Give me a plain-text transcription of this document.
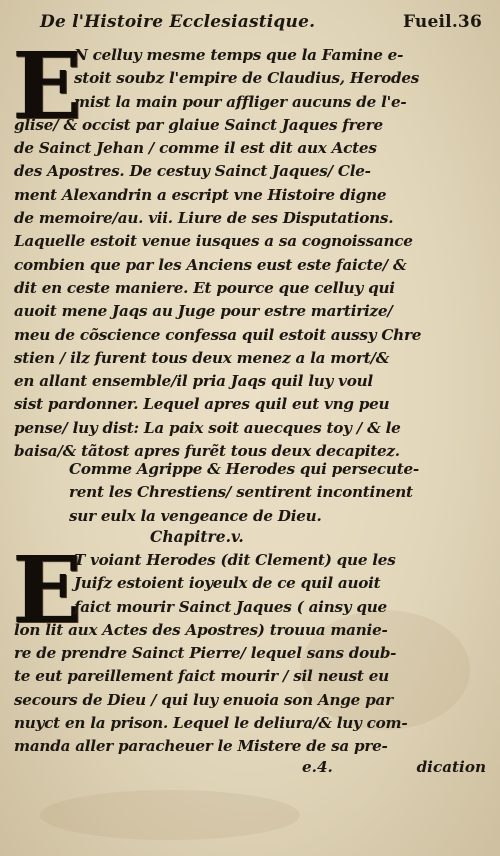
De l'Histoire Ecclesiastique.	Fueil.36
E
N celluy mesme temps que la Famine e-
stoit soubz l'empire de Claudius, Herodes
mist la main pour affliger aucuns de l'e-
glise/ & occist par glaiue Sainct Jaques frere
de Sainct Jehan / comme il est dit aux Actes
des Apostres. De cestuy Sainct Jaques/ Cle-
ment Alexandrin a escript vne Histoire digne
de memoire/au. vii. Liure de ses Disputations.
Laquelle estoit venue iusques a sa cognoissance
combien que par les Anciens eust este faicte/ &
dit en ceste maniere. Et pource que celluy qui
auoit mene Jaqs au Juge pour estre martirize/
meu de cõscience confessa quil estoit aussy Chre
stien / ilz furent tous deux menez a la mort/&
en allant ensemble/il pria Jaqs quil luy voul
sist pardonner. Lequel apres quil eut vng peu
pense/ luy dist: La paix soit auecques toy / & le
baisa/& tãtost apres furẽt tous deux decapitez.
Comme Agrippe & Herodes qui persecute-
rent les Chrestiens/ sentirent incontinent
sur eulx la vengeance de Dieu.
Chapitre.v.
E
T voiant Herodes (dit Clement) que les
Juifz estoient ioyeulx de ce quil auoit
faict mourir Sainct Jaques ( ainsy que
lon lit aux Actes des Apostres) trouua manie-
re de prendre Sainct Pierre/ lequel sans doub-
te eut pareillement faict mourir / sil neust eu
secours de Dieu / qui luy enuoia son Ange par
nuyct en la prison. Lequel le deliura/& luy com-
manda aller paracheuer le Mistere de sa pre-
e.4.	dication
